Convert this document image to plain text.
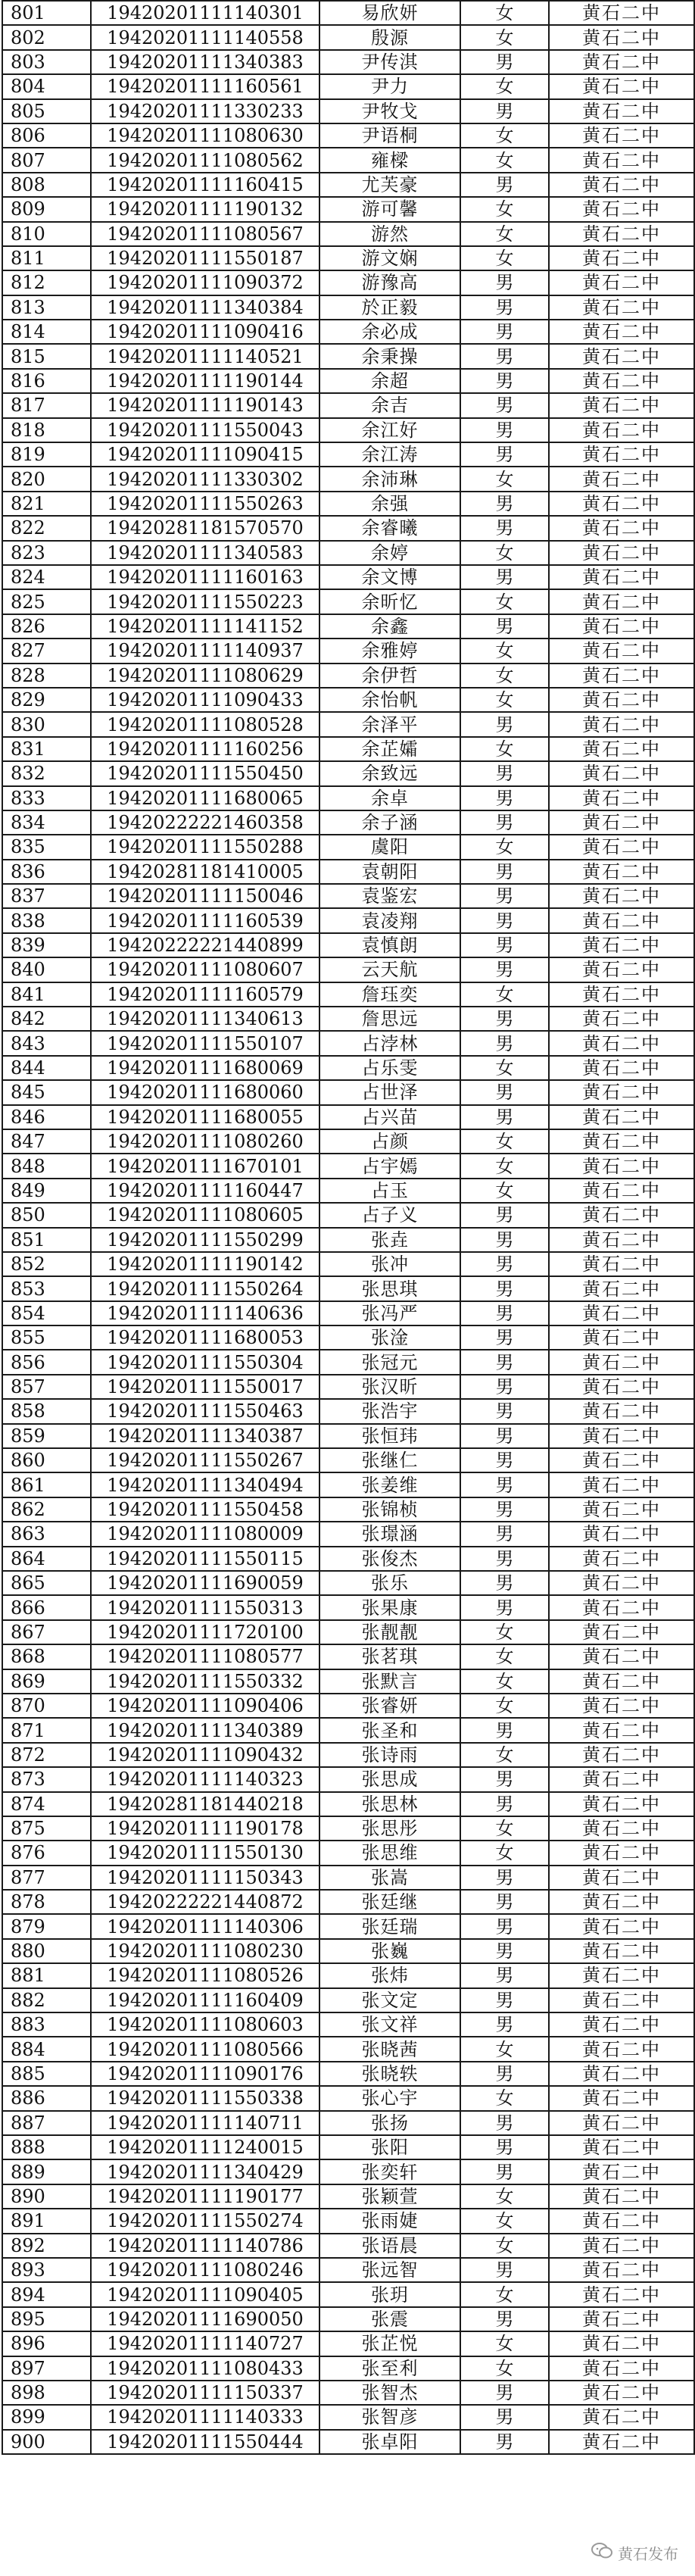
801	19420201111140301	易欣妍	女	黄石二中
802	19420201111140558	殷源	女	黄石二中
803	19420201111340383	尹传淇	男	黄石二中
804	19420201111160561	尹力	女	黄石二中
805	19420201111330233	尹牧戈	男	黄石二中
806	19420201111080630	尹语桐	女	黄石二中
807	19420201111080562	雍樑	女	黄石二中
808	19420201111160415	尤芙豪	男	黄石二中
809	19420201111190132	游可馨	女	黄石二中
810	19420201111080567	游然	女	黄石二中
811	19420201111550187	游文娴	女	黄石二中
812	19420201111090372	游豫高	男	黄石二中
813	19420201111340384	於正毅	男	黄石二中
814	19420201111090416	余必成	男	黄石二中
815	19420201111140521	余秉操	男	黄石二中
816	19420201111190144	余超	男	黄石二中
817	19420201111190143	余吉	男	黄石二中
818	19420201111550043	余江好	男	黄石二中
819	19420201111090415	余江涛	男	黄石二中
820	19420201111330302	余沛琳	女	黄石二中
821	19420201111550263	余强	男	黄石二中
822	19420281181570570	余睿曦	男	黄石二中
823	19420201111340583	余婷	女	黄石二中
824	19420201111160163	余文博	男	黄石二中
825	19420201111550223	余昕忆	女	黄石二中
826	19420201111141152	余鑫	男	黄石二中
827	19420201111140937	余雅婷	女	黄石二中
828	19420201111080629	余伊哲	女	黄石二中
829	19420201111090433	余怡帆	女	黄石二中
830	19420201111080528	余泽平	男	黄石二中
831	19420201111160256	余芷孀	女	黄石二中
832	19420201111550450	余致远	男	黄石二中
833	19420201111680065	余卓	男	黄石二中
834	19420222221460358	余子涵	男	黄石二中
835	19420201111550288	虞阳	女	黄石二中
836	19420281181410005	袁朝阳	男	黄石二中
837	19420201111150046	袁鉴宏	男	黄石二中
838	19420201111160539	袁凌翔	男	黄石二中
839	19420222221440899	袁慎朗	男	黄石二中
840	19420201111080607	云天航	男	黄石二中
841	19420201111160579	詹珏奕	女	黄石二中
842	19420201111340613	詹思远	男	黄石二中
843	19420201111550107	占浡林	男	黄石二中
844	19420201111680069	占乐雯	女	黄石二中
845	19420201111680060	占世泽	男	黄石二中
846	19420201111680055	占兴苗	男	黄石二中
847	19420201111080260	占颜	女	黄石二中
848	19420201111670101	占宇嫣	女	黄石二中
849	19420201111160447	占玉	女	黄石二中
850	19420201111080605	占子义	男	黄石二中
851	19420201111550299	张垚	男	黄石二中
852	19420201111190142	张冲	男	黄石二中
853	19420201111550264	张思琪	男	黄石二中
854	19420201111140636	张冯严	男	黄石二中
855	19420201111680053	张淦	男	黄石二中
856	19420201111550304	张冠元	男	黄石二中
857	19420201111550017	张汉昕	男	黄石二中
858	19420201111550463	张浩宇	男	黄石二中
859	19420201111340387	张恒玮	男	黄石二中
860	19420201111550267	张继仁	男	黄石二中
861	19420201111340494	张姜维	男	黄石二中
862	19420201111550458	张锦桢	男	黄石二中
863	19420201111080009	张璟涵	男	黄石二中
864	19420201111550115	张俊杰	男	黄石二中
865	19420201111690059	张乐	男	黄石二中
866	19420201111550313	张果康	男	黄石二中
867	19420201111720100	张靓靓	女	黄石二中
868	19420201111080577	张茗琪	女	黄石二中
869	19420201111550332	张默言	女	黄石二中
870	19420201111090406	张睿妍	女	黄石二中
871	19420201111340389	张圣和	男	黄石二中
872	19420201111090432	张诗雨	女	黄石二中
873	19420201111140323	张思成	男	黄石二中
874	19420281181440218	张思林	男	黄石二中
875	19420201111190178	张思彤	女	黄石二中
876	19420201111550130	张思维	女	黄石二中
877	19420201111150343	张嵩	男	黄石二中
878	19420222221440872	张廷继	男	黄石二中
879	19420201111140306	张廷瑞	男	黄石二中
880	19420201111080230	张巍	男	黄石二中
881	19420201111080526	张炜	男	黄石二中
882	19420201111160409	张文定	男	黄石二中
883	19420201111080603	张文祥	男	黄石二中
884	19420201111080566	张晓茜	女	黄石二中
885	19420201111090176	张晓轶	男	黄石二中
886	19420201111550338	张心宇	女	黄石二中
887	19420201111140711	张扬	男	黄石二中
888	19420201111240015	张阳	男	黄石二中
889	19420201111340429	张奕轩	男	黄石二中
890	19420201111190177	张颖萱	女	黄石二中
891	19420201111550274	张雨婕	女	黄石二中
892	19420201111140786	张语晨	女	黄石二中
893	19420201111080246	张远智	男	黄石二中
894	19420201111090405	张玥	女	黄石二中
895	19420201111690050	张震	男	黄石二中
896	19420201111140727	张芷悦	女	黄石二中
897	19420201111080433	张至利	女	黄石二中
898	19420201111150337	张智杰	男	黄石二中
899	19420201111140333	张智彦	男	黄石二中
900	19420201111550444	张卓阳	男	黄石二中
黄石发布
